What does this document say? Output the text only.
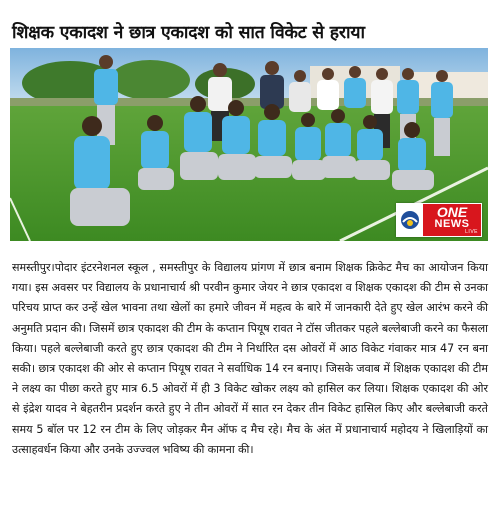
शिक्षक एकादश ने छात्र एकादश को सात विकेट से हराया
ONE
NEWS
LIVE

समस्तीपुर।पोदार इंटरनेशनल स्कूल , समस्तीपुर के विद्यालय प्रांगण में छात्र बनाम शिक्षक क्रिकेट मैच का आयोजन किया गया। इस अवसर पर विद्यालय के प्रधानाचार्य श्री परवीन कुमार जेयर ने छात्र एकादश व शिक्षक एकादश की टीम से उनका परिचय प्राप्त कर उन्हें खेल भावना तथा खेलों का हमारे जीवन में महत्व के बारे में जानकारी देते हुए खेल आरंभ करने की अनुमति प्रदान की। जिसमें छात्र एकादश की टीम के कप्तान पियूष रावत ने टॉस जीतकर पहले बल्लेबाजी करने का फैसला किया। पहले बल्लेबाजी करते हुए छात्र एकादश की टीम ने निर्धारित दस ओवरों में आठ विकेट गंवाकर मात्र 47 रन बना सकी। छात्र एकादश की ओर से कप्तान पियूष रावत ने सर्वाधिक 14 रन बनाए। जिसके जवाब में शिक्षक एकादश की टीम ने लक्ष्य का पीछा करते हुए मात्र 6.5 ओवरों में ही 3 विकेट खोकर लक्ष्य को हासिल कर लिया। शिक्षक एकादश की ओर से इंद्रेश यादव ने बेहतरीन प्रदर्शन करते हुए ने तीन ओवरों में सात रन देकर तीन विकेट हासिल किए और बल्लेबाजी करते समय 5 बॉल पर 12 रन टीम के लिए जोड़कर मैन ऑफ द मैच रहे। मैच के अंत में प्रधानाचार्य महोदय ने खिलाड़ियों का उत्साहवर्धन किया और उनके उज्ज्वल भविष्य की कामना की।
